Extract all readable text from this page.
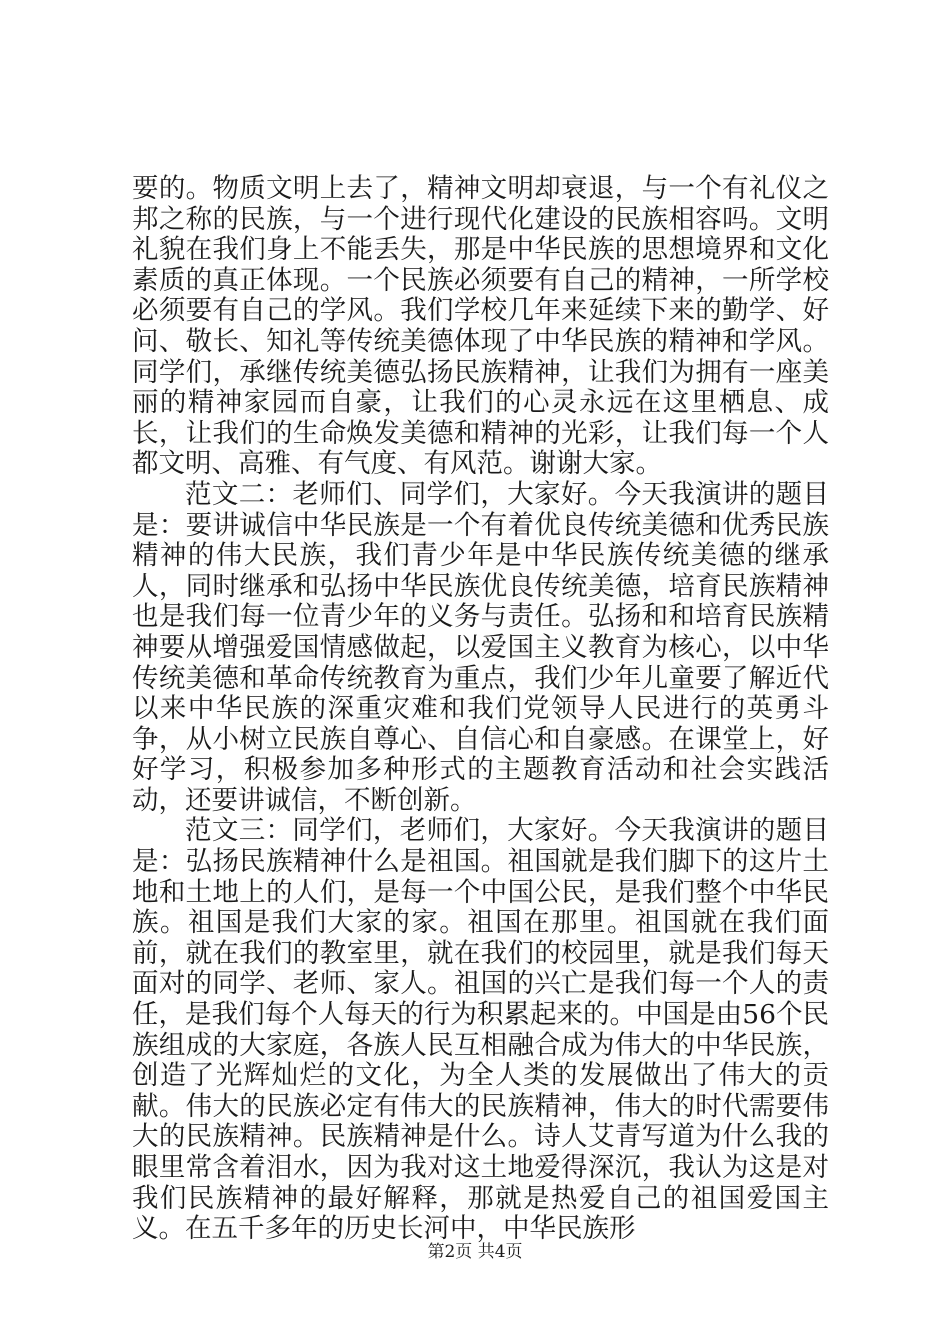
要的。物质文明上去了，精神文明却衰退，与一个有礼仪之邦之称的民族，与一个进行现代化建设的民族相容吗。文明礼貌在我们身上不能丢失，那是中华民族的思想境界和文化素质的真正体现。一个民族必须要有自己的精神，一所学校必须要有自己的学风。我们学校几年来延续下来的勤学、好问、敬长、知礼等传统美德体现了中华民族的精神和学风。同学们，承继传统美德弘扬民族精神，让我们为拥有一座美丽的精神家园而自豪，让我们的心灵永远在这里栖息、成长，让我们的生命焕发美德和精神的光彩，让我们每一个人都文明、高雅、有气度、有风范。谢谢大家。

范文二：老师们、同学们，大家好。今天我演讲的题目是：要讲诚信中华民族是一个有着优良传统美德和优秀民族精神的伟大民族，我们青少年是中华民族传统美德的继承人，同时继承和弘扬中华民族优良传统美德，培育民族精神也是我们每一位青少年的义务与责任。弘扬和和培育民族精神要从增强爱国情感做起，以爱国主义教育为核心，以中华传统美德和革命传统教育为重点，我们少年儿童要了解近代以来中华民族的深重灾难和我们党领导人民进行的英勇斗争，从小树立民族自尊心、自信心和自豪感。在课堂上，好好学习，积极参加多种形式的主题教育活动和社会实践活动，还要讲诚信，不断创新。

范文三：同学们，老师们，大家好。今天我演讲的题目是：弘扬民族精神什么是祖国。祖国就是我们脚下的这片土地和土地上的人们，是每一个中国公民，是我们整个中华民族。祖国是我们大家的家。祖国在那里。祖国就在我们面前，就在我们的教室里，就在我们的校园里，就是我们每天面对的同学、老师、家人。祖国的兴亡是我们每一个人的责任，是我们每个人每天的行为积累起来的。中国是由56个民族组成的大家庭，各族人民互相融合成为伟大的中华民族，创造了光辉灿烂的文化，为全人类的发展做出了伟大的贡献。伟大的民族必定有伟大的民族精神，伟大的时代需要伟大的民族精神。民族精神是什么。诗人艾青写道为什么我的眼里常含着泪水，因为我对这土地爱得深沉，我认为这是对我们民族精神的最好解释，那就是热爱自己的祖国爱国主义。在五千多年的历史长河中，中华民族形

第2页 共4页
